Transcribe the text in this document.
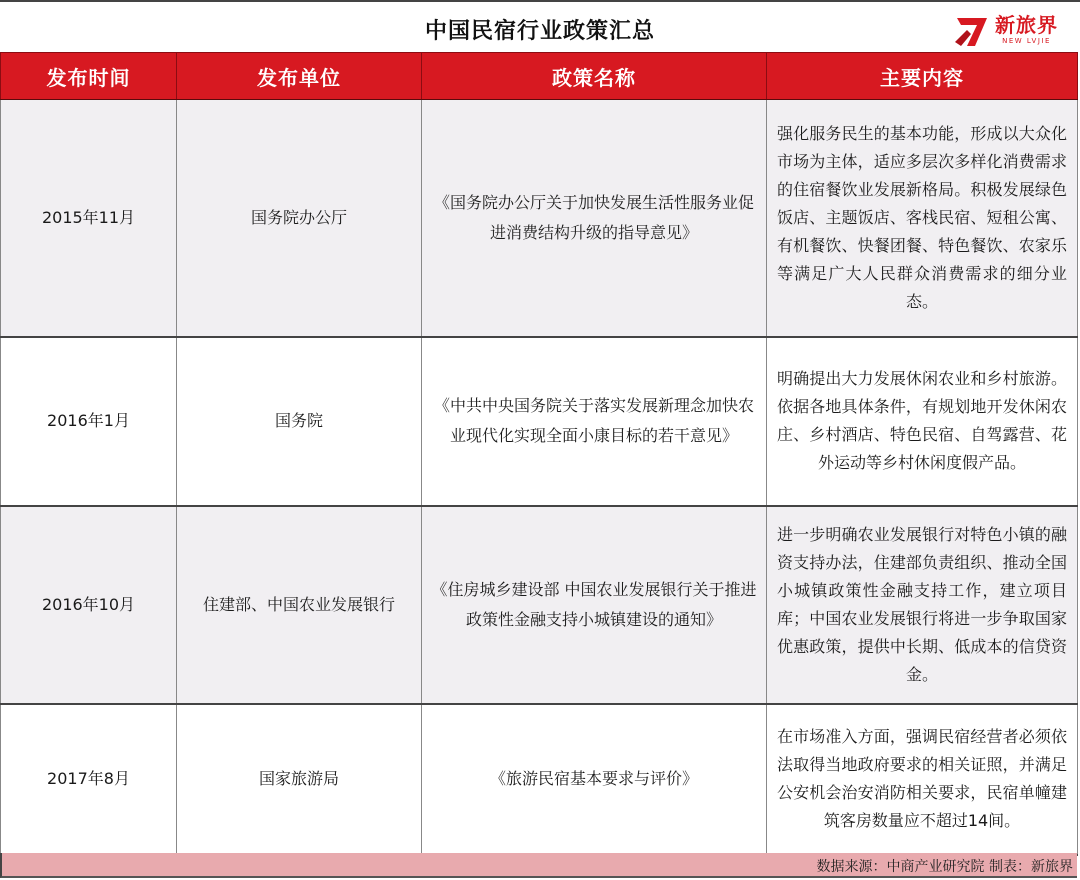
中国民宿行业政策汇总	新旅界
NEW LVJIE
发布时间	发布单位	政策名称	主要内容
2015年11月	国务院办公厅	《国务院办公厅关于加快发展生活性服务业促进消费结构升级的指导意见》	强化服务民生的基本功能，形成以大众化市场为主体，适应多层次多样化消费需求的住宿餐饮业发展新格局。积极发展绿色饭店、主题饭店、客栈民宿、短租公寓、有机餐饮、快餐团餐、特色餐饮、农家乐等满足广大人民群众消费需求的细分业态。
2016年1月	国务院	《中共中央国务院关于落实发展新理念加快农业现代化实现全面小康目标的若干意见》	明确提出大力发展休闲农业和乡村旅游。依据各地具体条件，有规划地开发休闲农庄、乡村酒店、特色民宿、自驾露营、花外运动等乡村休闲度假产品。
2016年10月	住建部、中国农业发展银行	《住房城乡建设部 中国农业发展银行关于推进政策性金融支持小城镇建设的通知》	进一步明确农业发展银行对特色小镇的融资支持办法，住建部负责组织、推动全国小城镇政策性金融支持工作，建立项目库；中国农业发展银行将进一步争取国家优惠政策，提供中长期、低成本的信贷资金。
2017年8月	国家旅游局	《旅游民宿基本要求与评价》	在市场准入方面，强调民宿经营者必须依法取得当地政府要求的相关证照，并满足公安机会治安消防相关要求，民宿单幢建筑客房数量应不超过14间。
数据来源：中商产业研究院 制表：新旅界
